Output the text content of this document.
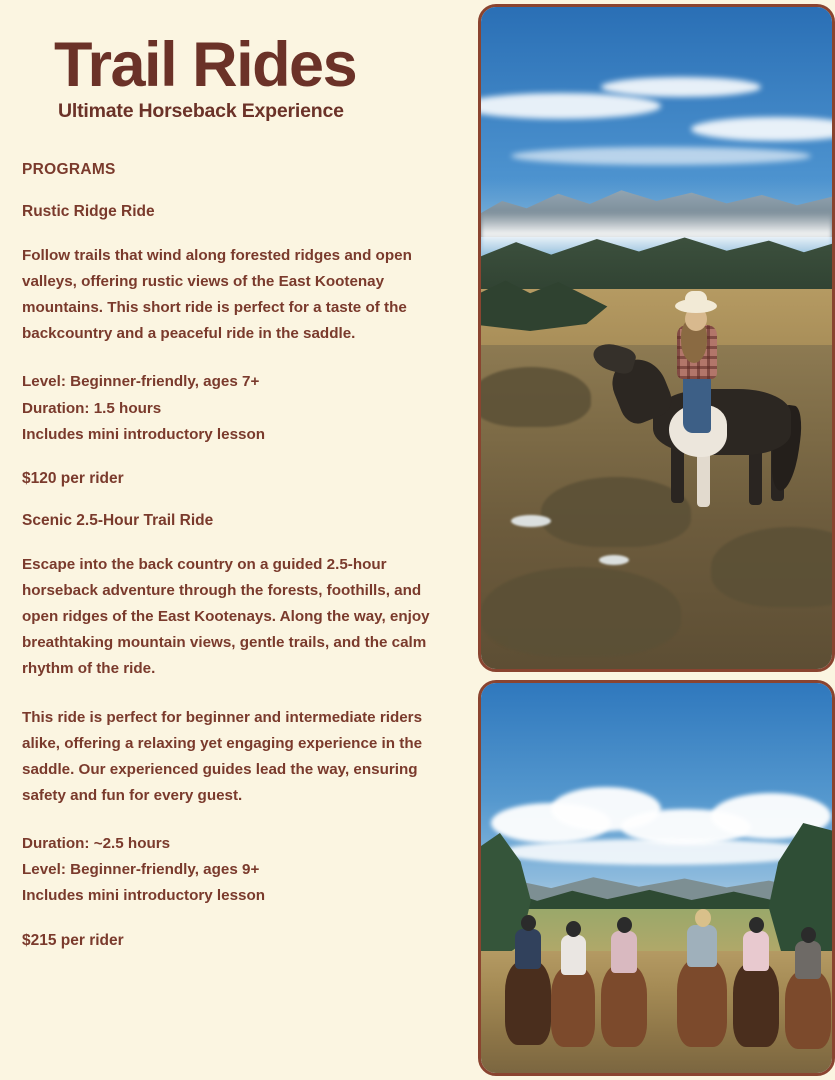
Trail Rides
Ultimate Horseback Experience
PROGRAMS
Rustic Ridge Ride

Follow trails that wind along forested ridges and open valleys, offering rustic views of the East Kootenay mountains. This short ride is perfect for a taste of the backcountry and a peaceful ride in the saddle.

Level: Beginner-friendly, ages 7+
Duration: 1.5 hours
Includes mini introductory lesson
$120 per rider
Scenic 2.5-Hour Trail Ride

Escape into the back country on a guided 2.5-hour horseback adventure through the forests, foothills, and open ridges of the East Kootenays. Along the way, enjoy breathtaking mountain views, gentle trails, and the calm rhythm of the ride.

This ride is perfect for beginner and intermediate riders alike, offering a relaxing yet engaging experience in the saddle. Our experienced guides lead the way, ensuring safety and fun for every guest.

Duration: ~2.5 hours
Level: Beginner-friendly, ages 9+
Includes mini introductory lesson
$215 per rider
